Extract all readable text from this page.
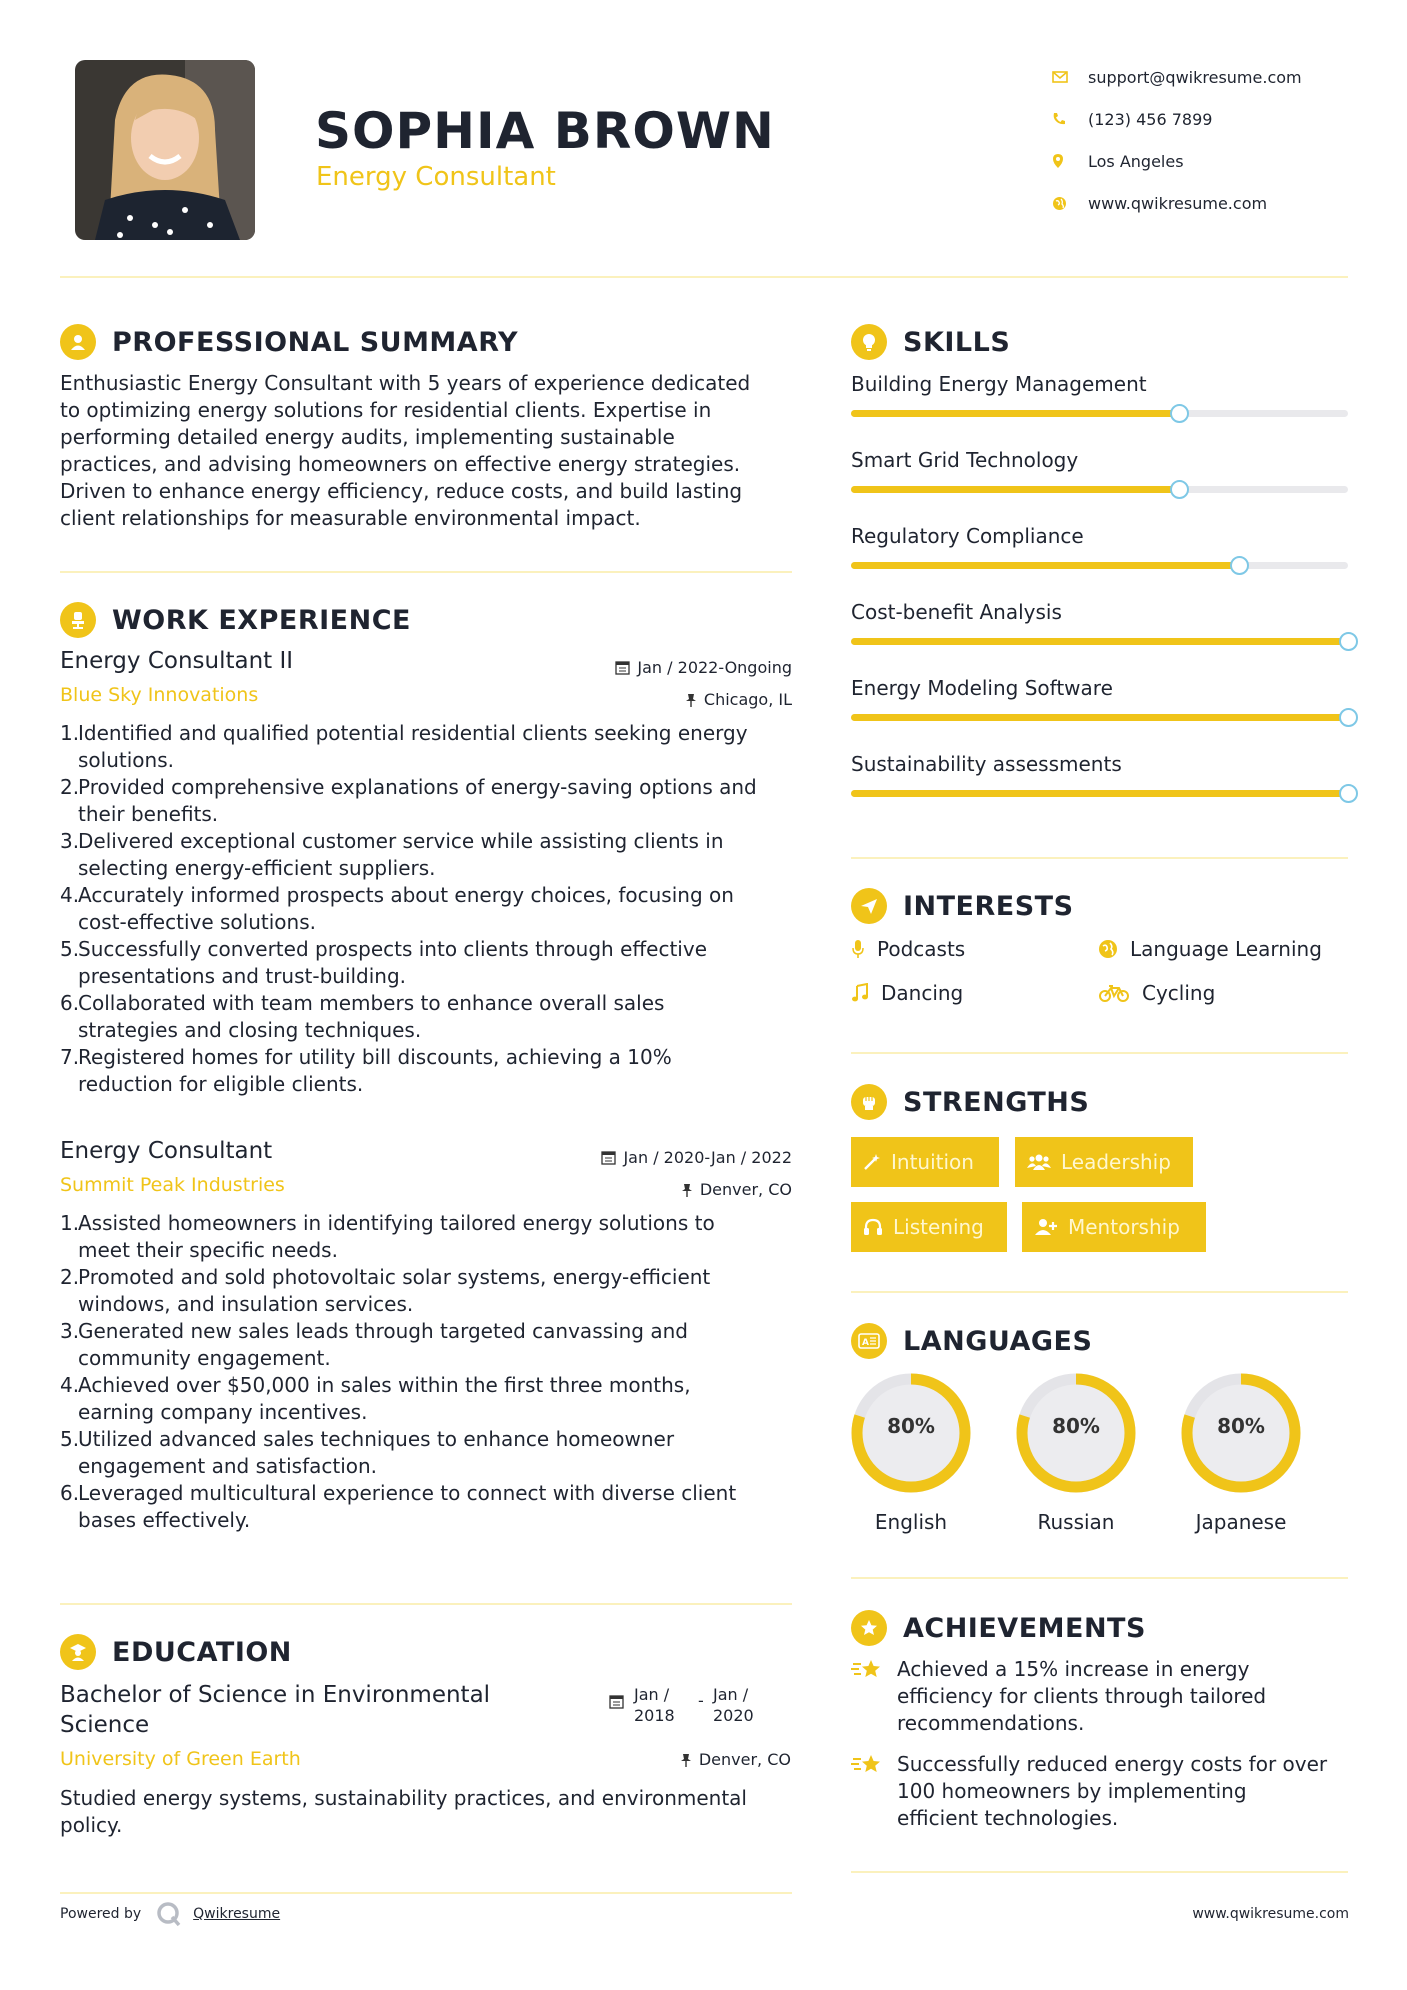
SOPHIA BROWN
Energy Consultant
support@qwikresume.com
(123) 456 7899
Los Angeles
www.qwikresume.com
PROFESSIONAL SUMMARY
Enthusiastic Energy Consultant with 5 years of experience dedicated
to optimizing energy solutions for residential clients. Expertise in
performing detailed energy audits, implementing sustainable
practices, and advising homeowners on effective energy strategies.
Driven to enhance energy efficiency, reduce costs, and build lasting
client relationships for measurable environmental impact.
WORK EXPERIENCE
Energy Consultant II
Blue Sky Innovations
Jan / 2022-Ongoing
Chicago, IL
1.
Identified and qualified potential residential clients seeking energy
solutions.
2.
Provided comprehensive explanations of energy-saving options and
their benefits.
3.
Delivered exceptional customer service while assisting clients in
selecting energy-efficient suppliers.
4.
Accurately informed prospects about energy choices, focusing on
cost-effective solutions.
5.
Successfully converted prospects into clients through effective
presentations and trust-building.
6.
Collaborated with team members to enhance overall sales
strategies and closing techniques.
7.
Registered homes for utility bill discounts, achieving a 10%
reduction for eligible clients.
Energy Consultant
Summit Peak Industries
Jan / 2020-Jan / 2022
Denver, CO
1.
Assisted homeowners in identifying tailored energy solutions to
meet their specific needs.
2.
Promoted and sold photovoltaic solar systems, energy-efficient
windows, and insulation services.
3.
Generated new sales leads through targeted canvassing and
community engagement.
4.
Achieved over $50,000 in sales within the first three months,
earning company incentives.
5.
Utilized advanced sales techniques to enhance homeowner
engagement and satisfaction.
6.
Leveraged multicultural experience to connect with diverse client
bases effectively.
EDUCATION
Bachelor of Science in Environmental
Science
Jan /
2018
- Jan /
2020
University of Green Earth	Denver, CO
Studied energy systems, sustainability practices, and environmental
policy.
SKILLS
Building Energy Management
Smart Grid Technology
Regulatory Compliance
Cost-benefit Analysis
Energy Modeling Software
Sustainability assessments
INTERESTS
Podcasts	Language Learning
Dancing	Cycling
STRENGTHS
Intuition	Leadership
Listening	Mentorship
A LANGUAGES
80%
English
80%
Russian
80%
Japanese
ACHIEVEMENTS
Achieved a 15% increase in energy
efficiency for clients through tailored
recommendations.
Successfully reduced energy costs for over
100 homeowners by implementing
efficient technologies.
Powered by	Qwikresume	www.qwikresume.com
